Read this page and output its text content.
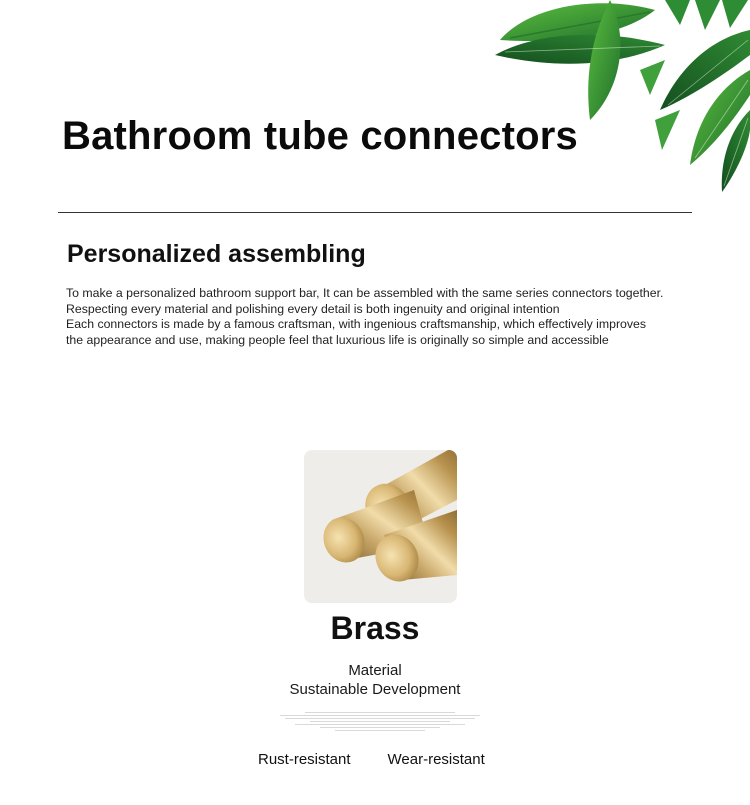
Bathroom tube connectors
Personalized assembling

To make a personalized bathroom support bar, It can be assembled with the same series connectors together.

Respecting every material and polishing every detail is both ingenuity and original intention

Each connectors is made by a famous craftsman, with ingenious craftsmanship, which effectively improves

the appearance and use, making people feel that luxurious life is originally so simple and accessible

Brass
Material
Sustainable Development
Rust-resistant Wear-resistant
